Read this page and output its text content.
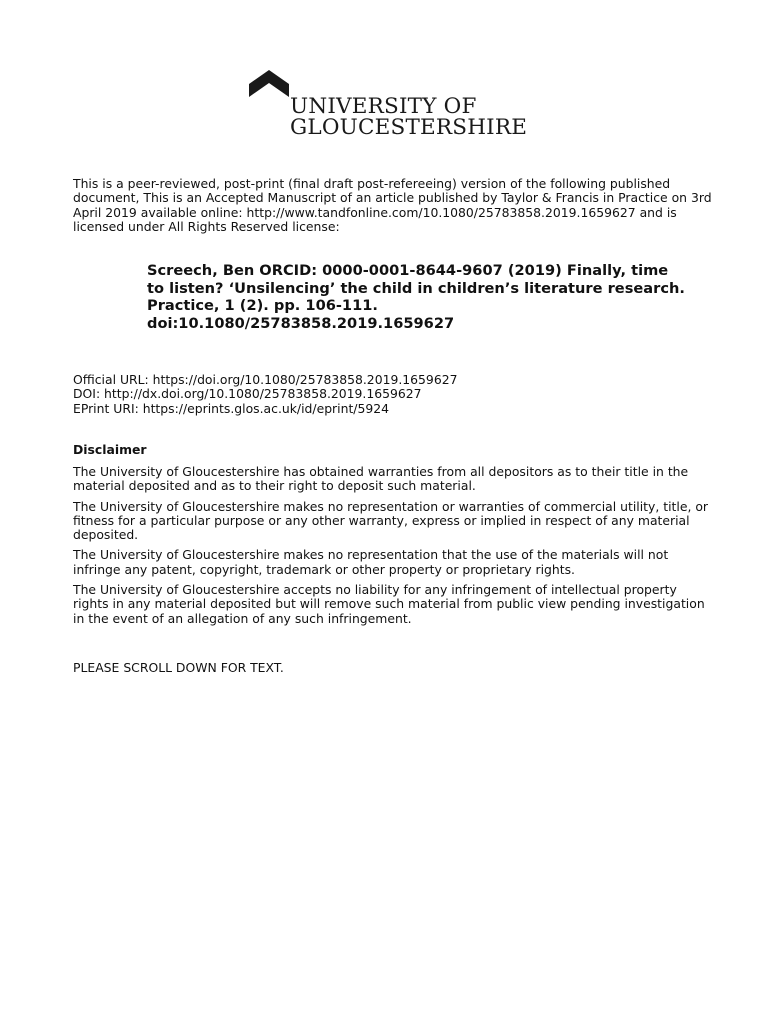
UNIVERSITY OF
GLOUCESTERSHIRE

This is a peer-reviewed, post-print (final draft post-refereeing) version of the following published document, This is an Accepted Manuscript of an article published by Taylor & Francis in Practice on 3rd April 2019 available online: http://www.tandfonline.com/10.1080/25783858.2019.1659627 and is licensed under All Rights Reserved license:

Screech, Ben ORCID: 0000-0001-8644-9607 (2019) Finally, time to listen? ‘Unsilencing’ the child in children’s literature research. Practice, 1 (2). pp. 106-111. doi:10.1080/25783858.2019.1659627
Official URL: https://doi.org/10.1080/25783858.2019.1659627
DOI: http://dx.doi.org/10.1080/25783858.2019.1659627
EPrint URI: https://eprints.glos.ac.uk/id/eprint/5924
Disclaimer

The University of Gloucestershire has obtained warranties from all depositors as to their title in the material deposited and as to their right to deposit such material.

The University of Gloucestershire makes no representation or warranties of commercial utility, title, or fitness for a particular purpose or any other warranty, express or implied in respect of any material deposited.

The University of Gloucestershire makes no representation that the use of the materials will not infringe any patent, copyright, trademark or other property or proprietary rights.

The University of Gloucestershire accepts no liability for any infringement of intellectual property rights in any material deposited but will remove such material from public view pending investigation in the event of an allegation of any such infringement.

PLEASE SCROLL DOWN FOR TEXT.
